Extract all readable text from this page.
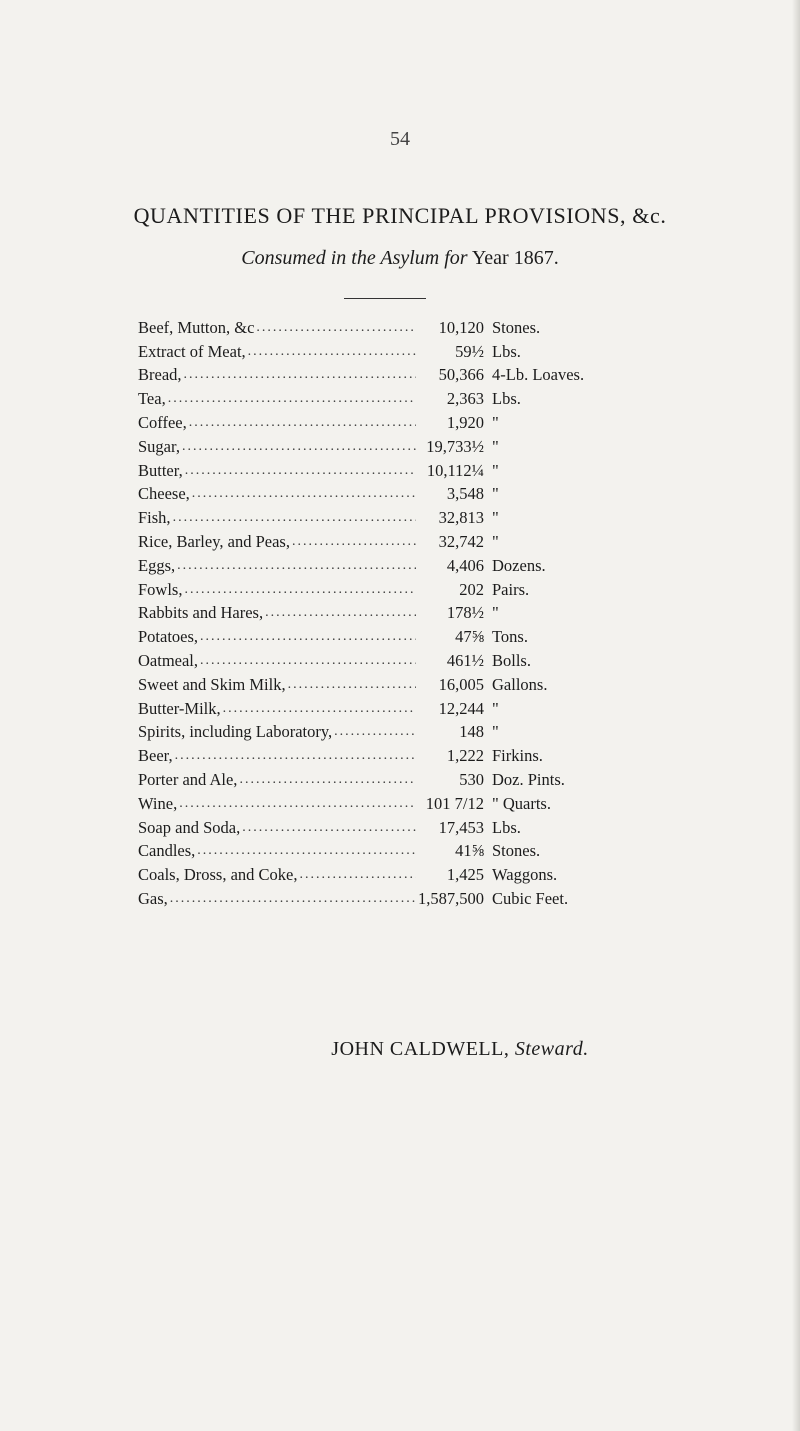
54
QUANTITIES OF THE PRINCIPAL PROVISIONS, &c.
Consumed in the Asylum for Year 1867.
Beef, Mutton, &c .....	10,120 Stones.
Extract of Meat, .....	59½ Lbs.
Bread, .....	50,366 4-Lb. Loaves.
Tea, .....	2,363 Lbs.
Coffee, .....	1,920 "
Sugar, .....	19,733½ "
Butter, .....	10,112¼ "
Cheese, .....	3,548 "
Fish, .....	32,813 "
Rice, Barley, and Peas, .....	32,742 "
Eggs, .....	4,406 Dozens.
Fowls, .....	202 Pairs.
Rabbits and Hares, .....	178½ "
Potatoes, .....	47⅝ Tons.
Oatmeal, .....	461½ Bolls.
Sweet and Skim Milk, .....	16,005 Gallons.
Butter-Milk, .....	12,244 "
Spirits, including Laboratory, .....	148 "
Beer, .....	1,222 Firkins.
Porter and Ale, .....	530 Doz. Pints.
Wine, .....	101 7/12 " Quarts.
Soap and Soda, .....	17,453 Lbs.
Candles, .....	41⅝ Stones.
Coals, Dross, and Coke, .....	1,425 Waggons.
Gas, .....	1,587,500 Cubic Feet.
JOHN CALDWELL, Steward.
